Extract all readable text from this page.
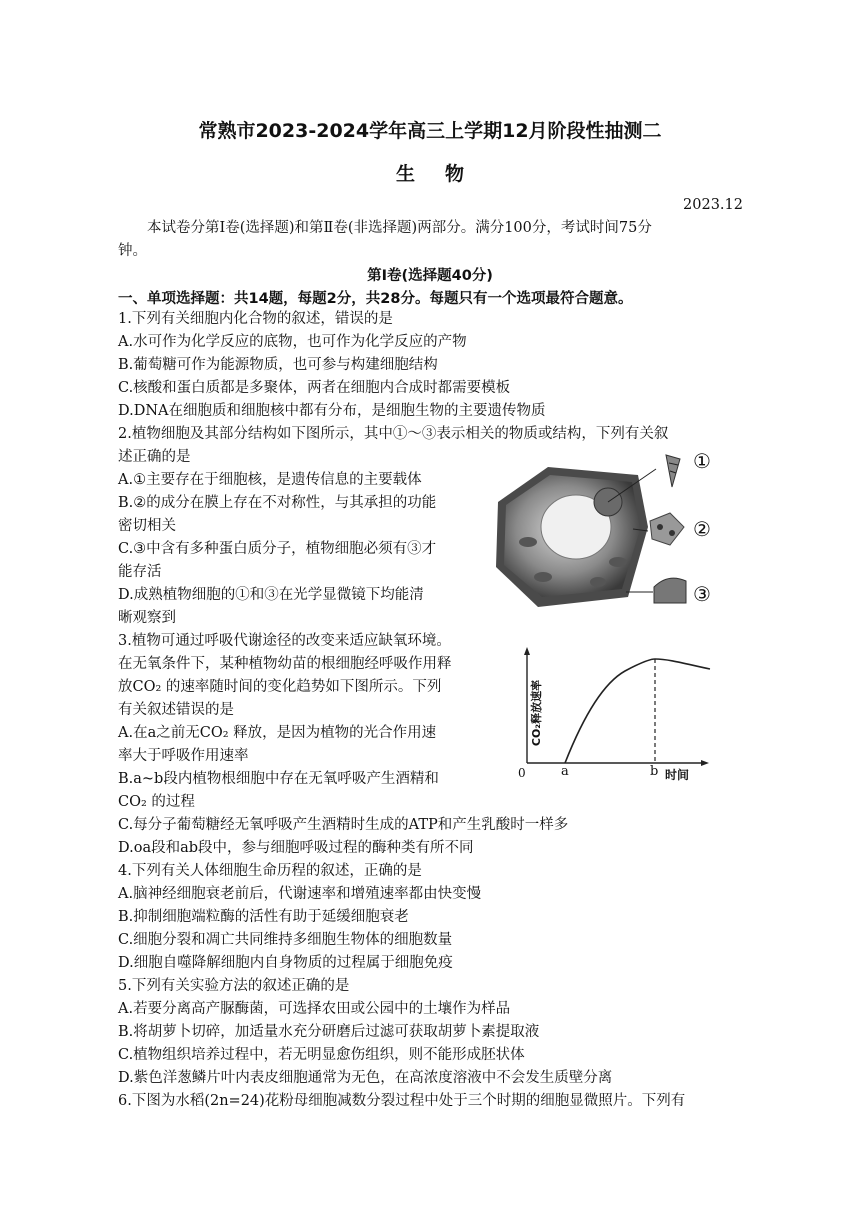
常熟市2023-2024学年高三上学期12月阶段性抽测二
生物
2023.12
本试卷分第Ⅰ卷(选择题)和第Ⅱ卷(非选择题)两部分。满分100分，考试时间75分
钟。
第Ⅰ卷(选择题40分)
一、单项选择题：共14题，每题2分，共28分。每题只有一个选项最符合题意。
1.下列有关细胞内化合物的叙述，错误的是
A.水可作为化学反应的底物，也可作为化学反应的产物
B.葡萄糖可作为能源物质，也可参与构建细胞结构
C.核酸和蛋白质都是多聚体，两者在细胞内合成时都需要模板
D.DNA在细胞质和细胞核中都有分布，是细胞生物的主要遗传物质
2.植物细胞及其部分结构如下图所示，其中①～③表示相关的物质或结构，下列有关叙
述正确的是
A.①主要存在于细胞核，是遗传信息的主要载体
B.②的成分在膜上存在不对称性，与其承担的功能
密切相关
C.③中含有多种蛋白质分子，植物细胞必须有③才
能存活
D.成熟植物细胞的①和③在光学显微镜下均能清
晰观察到
①
②
③
3.植物可通过呼吸代谢途径的改变来适应缺氧环境。
在无氧条件下，某种植物幼苗的根细胞经呼吸作用释
放CO₂ 的速率随时间的变化趋势如下图所示。下列
有关叙述错误的是
A.在a之前无CO₂ 释放，是因为植物的光合作用速
率大于呼吸作用速率
B.a~b段内植物根细胞中存在无氧呼吸产生酒精和
CO₂ 的过程
C.每分子葡萄糖经无氧呼吸产生酒精时生成的ATP和产生乳酸时一样多
D.oa段和ab段中，参与细胞呼吸过程的酶种类有所不同
CO₂释放速率
0	a	b 时间
4.下列有关人体细胞生命历程的叙述，正确的是
A.脑神经细胞衰老前后，代谢速率和增殖速率都由快变慢
B.抑制细胞端粒酶的活性有助于延缓细胞衰老
C.细胞分裂和凋亡共同维持多细胞生物体的细胞数量
D.细胞自噬降解细胞内自身物质的过程属于细胞免疫
5.下列有关实验方法的叙述正确的是
A.若要分离高产脲酶菌，可选择农田或公园中的土壤作为样品
B.将胡萝卜切碎，加适量水充分研磨后过滤可获取胡萝卜素提取液
C.植物组织培养过程中，若无明显愈伤组织，则不能形成胚状体
D.紫色洋葱鳞片叶内表皮细胞通常为无色，在高浓度溶液中不会发生质壁分离
6.下图为水稻(2n=24)花粉母细胞减数分裂过程中处于三个时期的细胞显微照片。下列有
